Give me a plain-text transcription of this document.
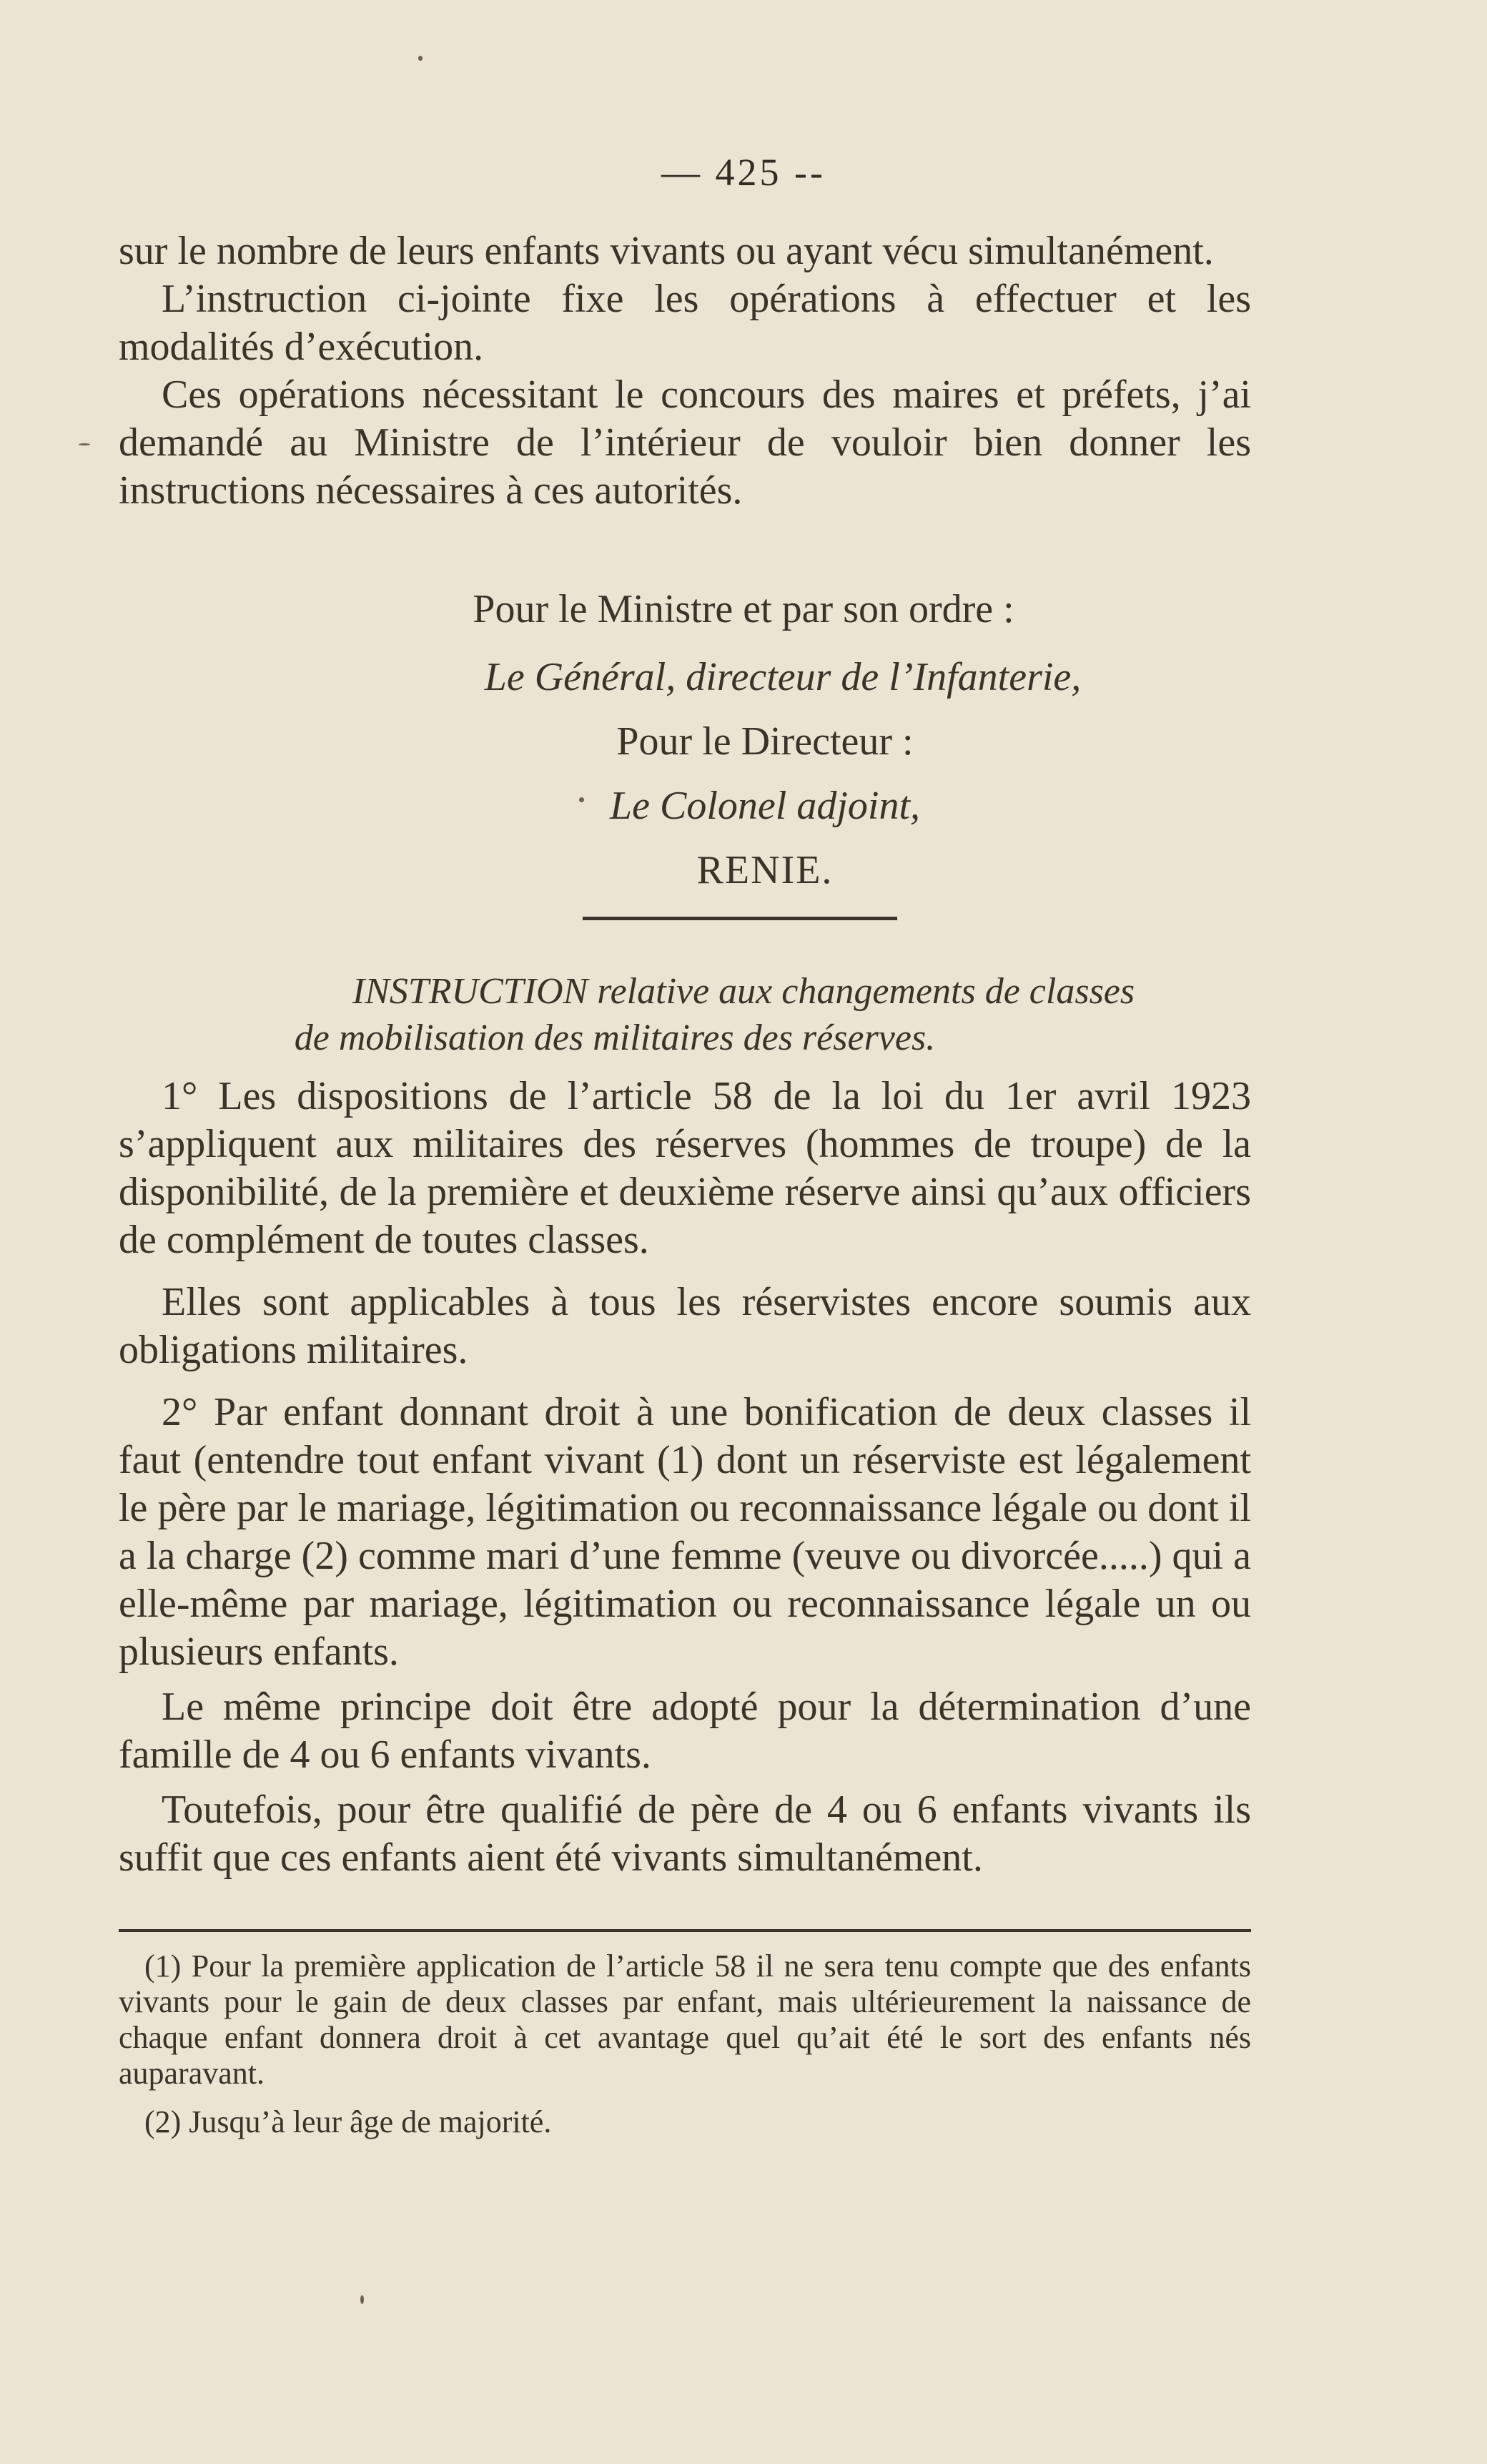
— 425 --

sur le nombre de leurs enfants vivants ou ayant vécu simultanément.

L’instruction ci-jointe fixe les opérations à effectuer et les modalités d’exécution.

Ces opérations nécessitant le concours des maires et préfets, j’ai demandé au Ministre de l’intérieur de vouloir bien donner les instructions nécessaires à ces autorités.

Pour le Ministre et par son ordre :
Le Général, directeur de l’Infanterie,
Pour le Directeur :
Le Colonel adjoint,
RENIE.
INSTRUCTION relative aux changements de classes
de mobilisation des militaires des réserves.

1° Les dispositions de l’article 58 de la loi du 1er avril 1923 s’appliquent aux militaires des réserves (hommes de troupe) de la disponibilité, de la première et deuxième réserve ainsi qu’aux officiers de complément de toutes classes.

Elles sont applicables à tous les réservistes encore soumis aux obligations militaires.

2° Par enfant donnant droit à une bonification de deux classes il faut (entendre tout enfant vivant (1) dont un réserviste est légalement le père par le mariage, légitimation ou reconnaissance légale ou dont il a la charge (2) comme mari d’une femme (veuve ou divorcée.....) qui a elle-même par mariage, légitimation ou reconnaissance légale un ou plusieurs enfants.

Le même principe doit être adopté pour la détermination d’une famille de 4 ou 6 enfants vivants.

Toutefois, pour être qualifié de père de 4 ou 6 enfants vivants ils suffit que ces enfants aient été vivants simultanément.

(1) Pour la première application de l’article 58 il ne sera tenu compte que des enfants vivants pour le gain de deux classes par enfant, mais ultérieurement la naissance de chaque enfant donnera droit à cet avantage quel qu’ait été le sort des enfants nés auparavant.

(2) Jusqu’à leur âge de majorité.
